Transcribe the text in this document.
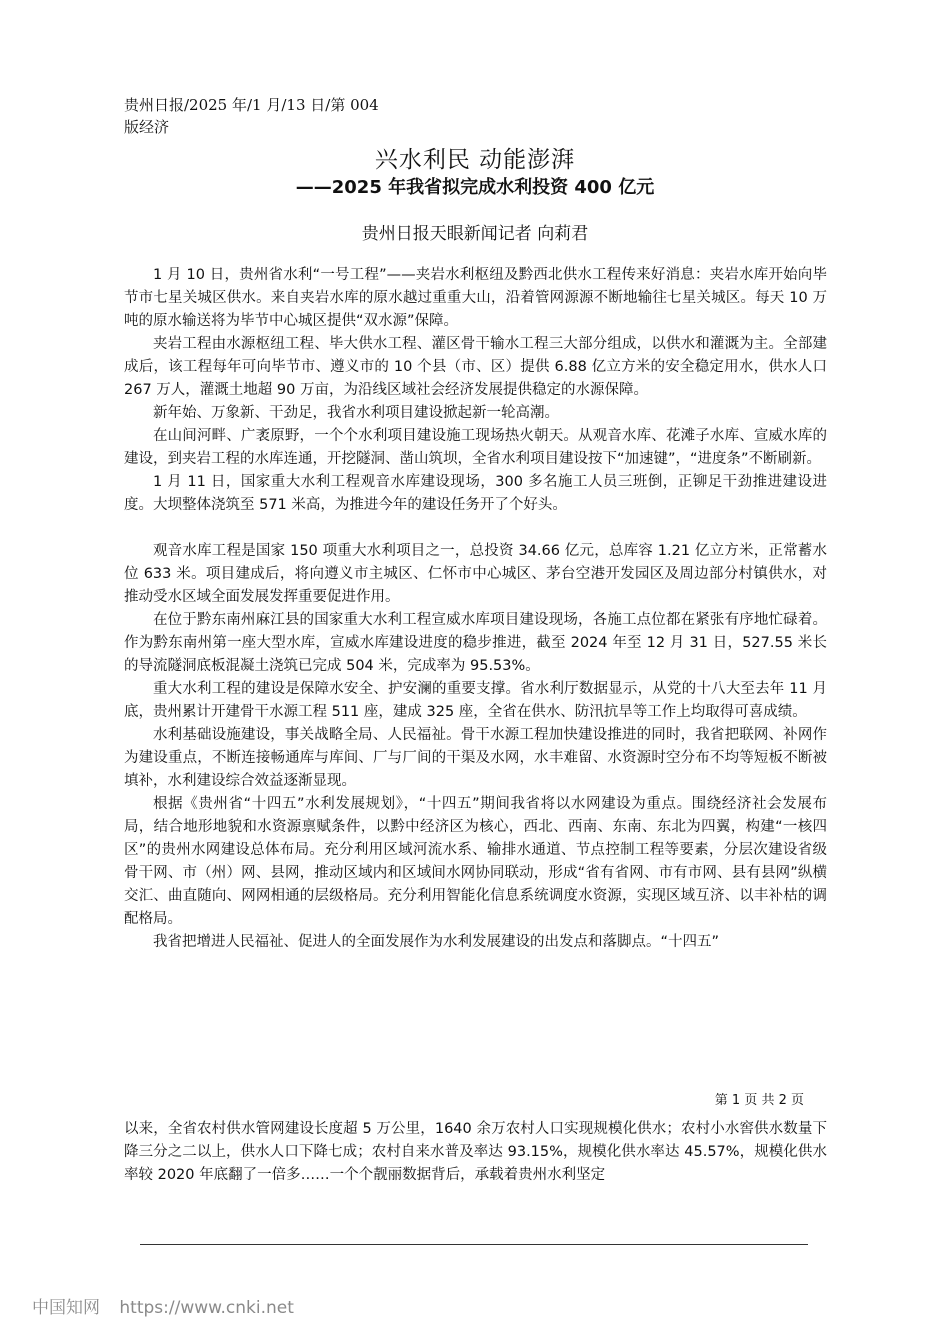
贵州日报/2025 年/1 月/13 日/第 004
版经济
兴水利民 动能澎湃
——2025 年我省拟完成水利投资 400 亿元
贵州日报天眼新闻记者 向莉君

1 月 10 日，贵州省水利“一号工程”——夹岩水利枢纽及黔西北供水工程传来好消息：夹岩水库开始向毕节市七星关城区供水。来自夹岩水库的原水越过重重大山，沿着管网源源不断地输往七星关城区。每天 10 万吨的原水输送将为毕节中心城区提供“双水源”保障。

夹岩工程由水源枢纽工程、毕大供水工程、灌区骨干输水工程三大部分组成，以供水和灌溉为主。全部建成后，该工程每年可向毕节市、遵义市的 10 个县（市、区）提供 6.88 亿立方米的安全稳定用水，供水人口 267 万人，灌溉土地超 90 万亩，为沿线区域社会经济发展提供稳定的水源保障。

新年始、万象新、干劲足，我省水利项目建设掀起新一轮高潮。

在山间河畔、广袤原野，一个个水利项目建设施工现场热火朝天。从观音水库、花滩子水库、宣威水库的建设，到夹岩工程的水库连通，开挖隧洞、凿山筑坝，全省水利项目建设按下“加速键”，“进度条”不断刷新。

1 月 11 日，国家重大水利工程观音水库建设现场，300 多名施工人员三班倒，正铆足干劲推进建设进度。大坝整体浇筑至 571 米高，为推进今年的建设任务开了个好头。

观音水库工程是国家 150 项重大水利项目之一，总投资 34.66 亿元，总库容 1.21 亿立方米，正常蓄水位 633 米。项目建成后，将向遵义市主城区、仁怀市中心城区、茅台空港开发园区及周边部分村镇供水，对推动受水区域全面发展发挥重要促进作用。

在位于黔东南州麻江县的国家重大水利工程宣威水库项目建设现场，各施工点位都在紧张有序地忙碌着。作为黔东南州第一座大型水库，宣威水库建设进度的稳步推进，截至 2024 年至 12 月 31 日，527.55 米长的导流隧洞底板混凝土浇筑已完成 504 米，完成率为 95.53%。

重大水利工程的建设是保障水安全、护安澜的重要支撑。省水利厅数据显示，从党的十八大至去年 11 月底，贵州累计开建骨干水源工程 511 座，建成 325 座，全省在供水、防汛抗旱等工作上均取得可喜成绩。

水利基础设施建设，事关战略全局、人民福祉。骨干水源工程加快建设推进的同时，我省把联网、补网作为建设重点，不断连接畅通库与库间、厂与厂间的干渠及水网，水丰难留、水资源时空分布不均等短板不断被填补，水利建设综合效益逐渐显现。

根据《贵州省“十四五”水利发展规划》，“十四五”期间我省将以水网建设为重点。围绕经济社会发展布局，结合地形地貌和水资源禀赋条件，以黔中经济区为核心，西北、西南、东南、东北为四翼，构建“一核四区”的贵州水网建设总体布局。充分利用区域河流水系、输排水通道、节点控制工程等要素，分层次建设省级骨干网、市（州）网、县网，推动区域内和区域间水网协同联动，形成“省有省网、市有市网、县有县网”纵横交汇、曲直随向、网网相通的层级格局。充分利用智能化信息系统调度水资源，实现区域互济、以丰补枯的调配格局。

我省把增进人民福祉、促进人的全面发展作为水利发展建设的出发点和落脚点。“十四五”

第 1 页 共 2 页

以来，全省农村供水管网建设长度超 5 万公里，1640 余万农村人口实现规模化供水；农村小水窖供水数量下降三分之二以上，供水人口下降七成；农村自来水普及率达 93.15%，规模化供水率达 45.57%，规模化供水率较 2020 年底翻了一倍多……一个个靓丽数据背后，承载着贵州水利坚定

中国知网 https://www.cnki.net
